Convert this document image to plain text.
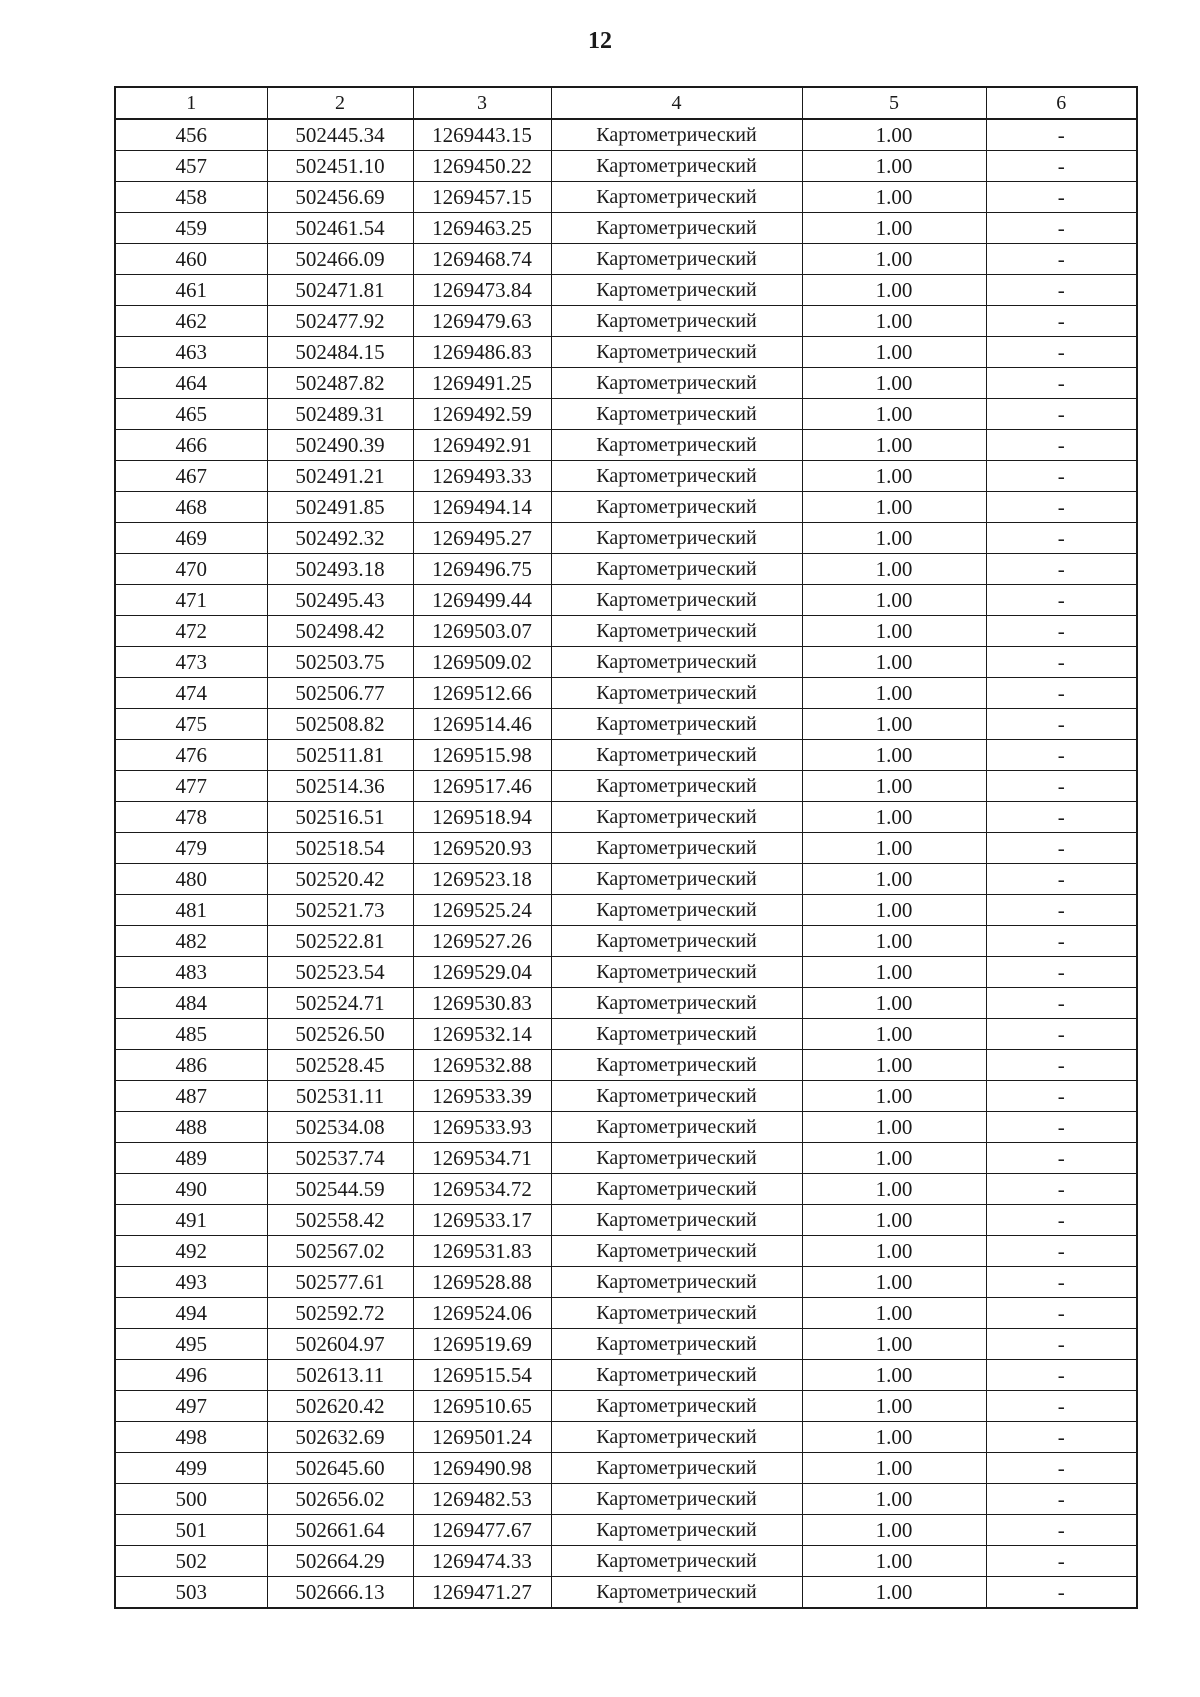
12
1	2	3	4	5	6
456	502445.34	1269443.15	Картометрический	1.00	-
457	502451.10	1269450.22	Картометрический	1.00	-
458	502456.69	1269457.15	Картометрический	1.00	-
459	502461.54	1269463.25	Картометрический	1.00	-
460	502466.09	1269468.74	Картометрический	1.00	-
461	502471.81	1269473.84	Картометрический	1.00	-
462	502477.92	1269479.63	Картометрический	1.00	-
463	502484.15	1269486.83	Картометрический	1.00	-
464	502487.82	1269491.25	Картометрический	1.00	-
465	502489.31	1269492.59	Картометрический	1.00	-
466	502490.39	1269492.91	Картометрический	1.00	-
467	502491.21	1269493.33	Картометрический	1.00	-
468	502491.85	1269494.14	Картометрический	1.00	-
469	502492.32	1269495.27	Картометрический	1.00	-
470	502493.18	1269496.75	Картометрический	1.00	-
471	502495.43	1269499.44	Картометрический	1.00	-
472	502498.42	1269503.07	Картометрический	1.00	-
473	502503.75	1269509.02	Картометрический	1.00	-
474	502506.77	1269512.66	Картометрический	1.00	-
475	502508.82	1269514.46	Картометрический	1.00	-
476	502511.81	1269515.98	Картометрический	1.00	-
477	502514.36	1269517.46	Картометрический	1.00	-
478	502516.51	1269518.94	Картометрический	1.00	-
479	502518.54	1269520.93	Картометрический	1.00	-
480	502520.42	1269523.18	Картометрический	1.00	-
481	502521.73	1269525.24	Картометрический	1.00	-
482	502522.81	1269527.26	Картометрический	1.00	-
483	502523.54	1269529.04	Картометрический	1.00	-
484	502524.71	1269530.83	Картометрический	1.00	-
485	502526.50	1269532.14	Картометрический	1.00	-
486	502528.45	1269532.88	Картометрический	1.00	-
487	502531.11	1269533.39	Картометрический	1.00	-
488	502534.08	1269533.93	Картометрический	1.00	-
489	502537.74	1269534.71	Картометрический	1.00	-
490	502544.59	1269534.72	Картометрический	1.00	-
491	502558.42	1269533.17	Картометрический	1.00	-
492	502567.02	1269531.83	Картометрический	1.00	-
493	502577.61	1269528.88	Картометрический	1.00	-
494	502592.72	1269524.06	Картометрический	1.00	-
495	502604.97	1269519.69	Картометрический	1.00	-
496	502613.11	1269515.54	Картометрический	1.00	-
497	502620.42	1269510.65	Картометрический	1.00	-
498	502632.69	1269501.24	Картометрический	1.00	-
499	502645.60	1269490.98	Картометрический	1.00	-
500	502656.02	1269482.53	Картометрический	1.00	-
501	502661.64	1269477.67	Картометрический	1.00	-
502	502664.29	1269474.33	Картометрический	1.00	-
503	502666.13	1269471.27	Картометрический	1.00	-
